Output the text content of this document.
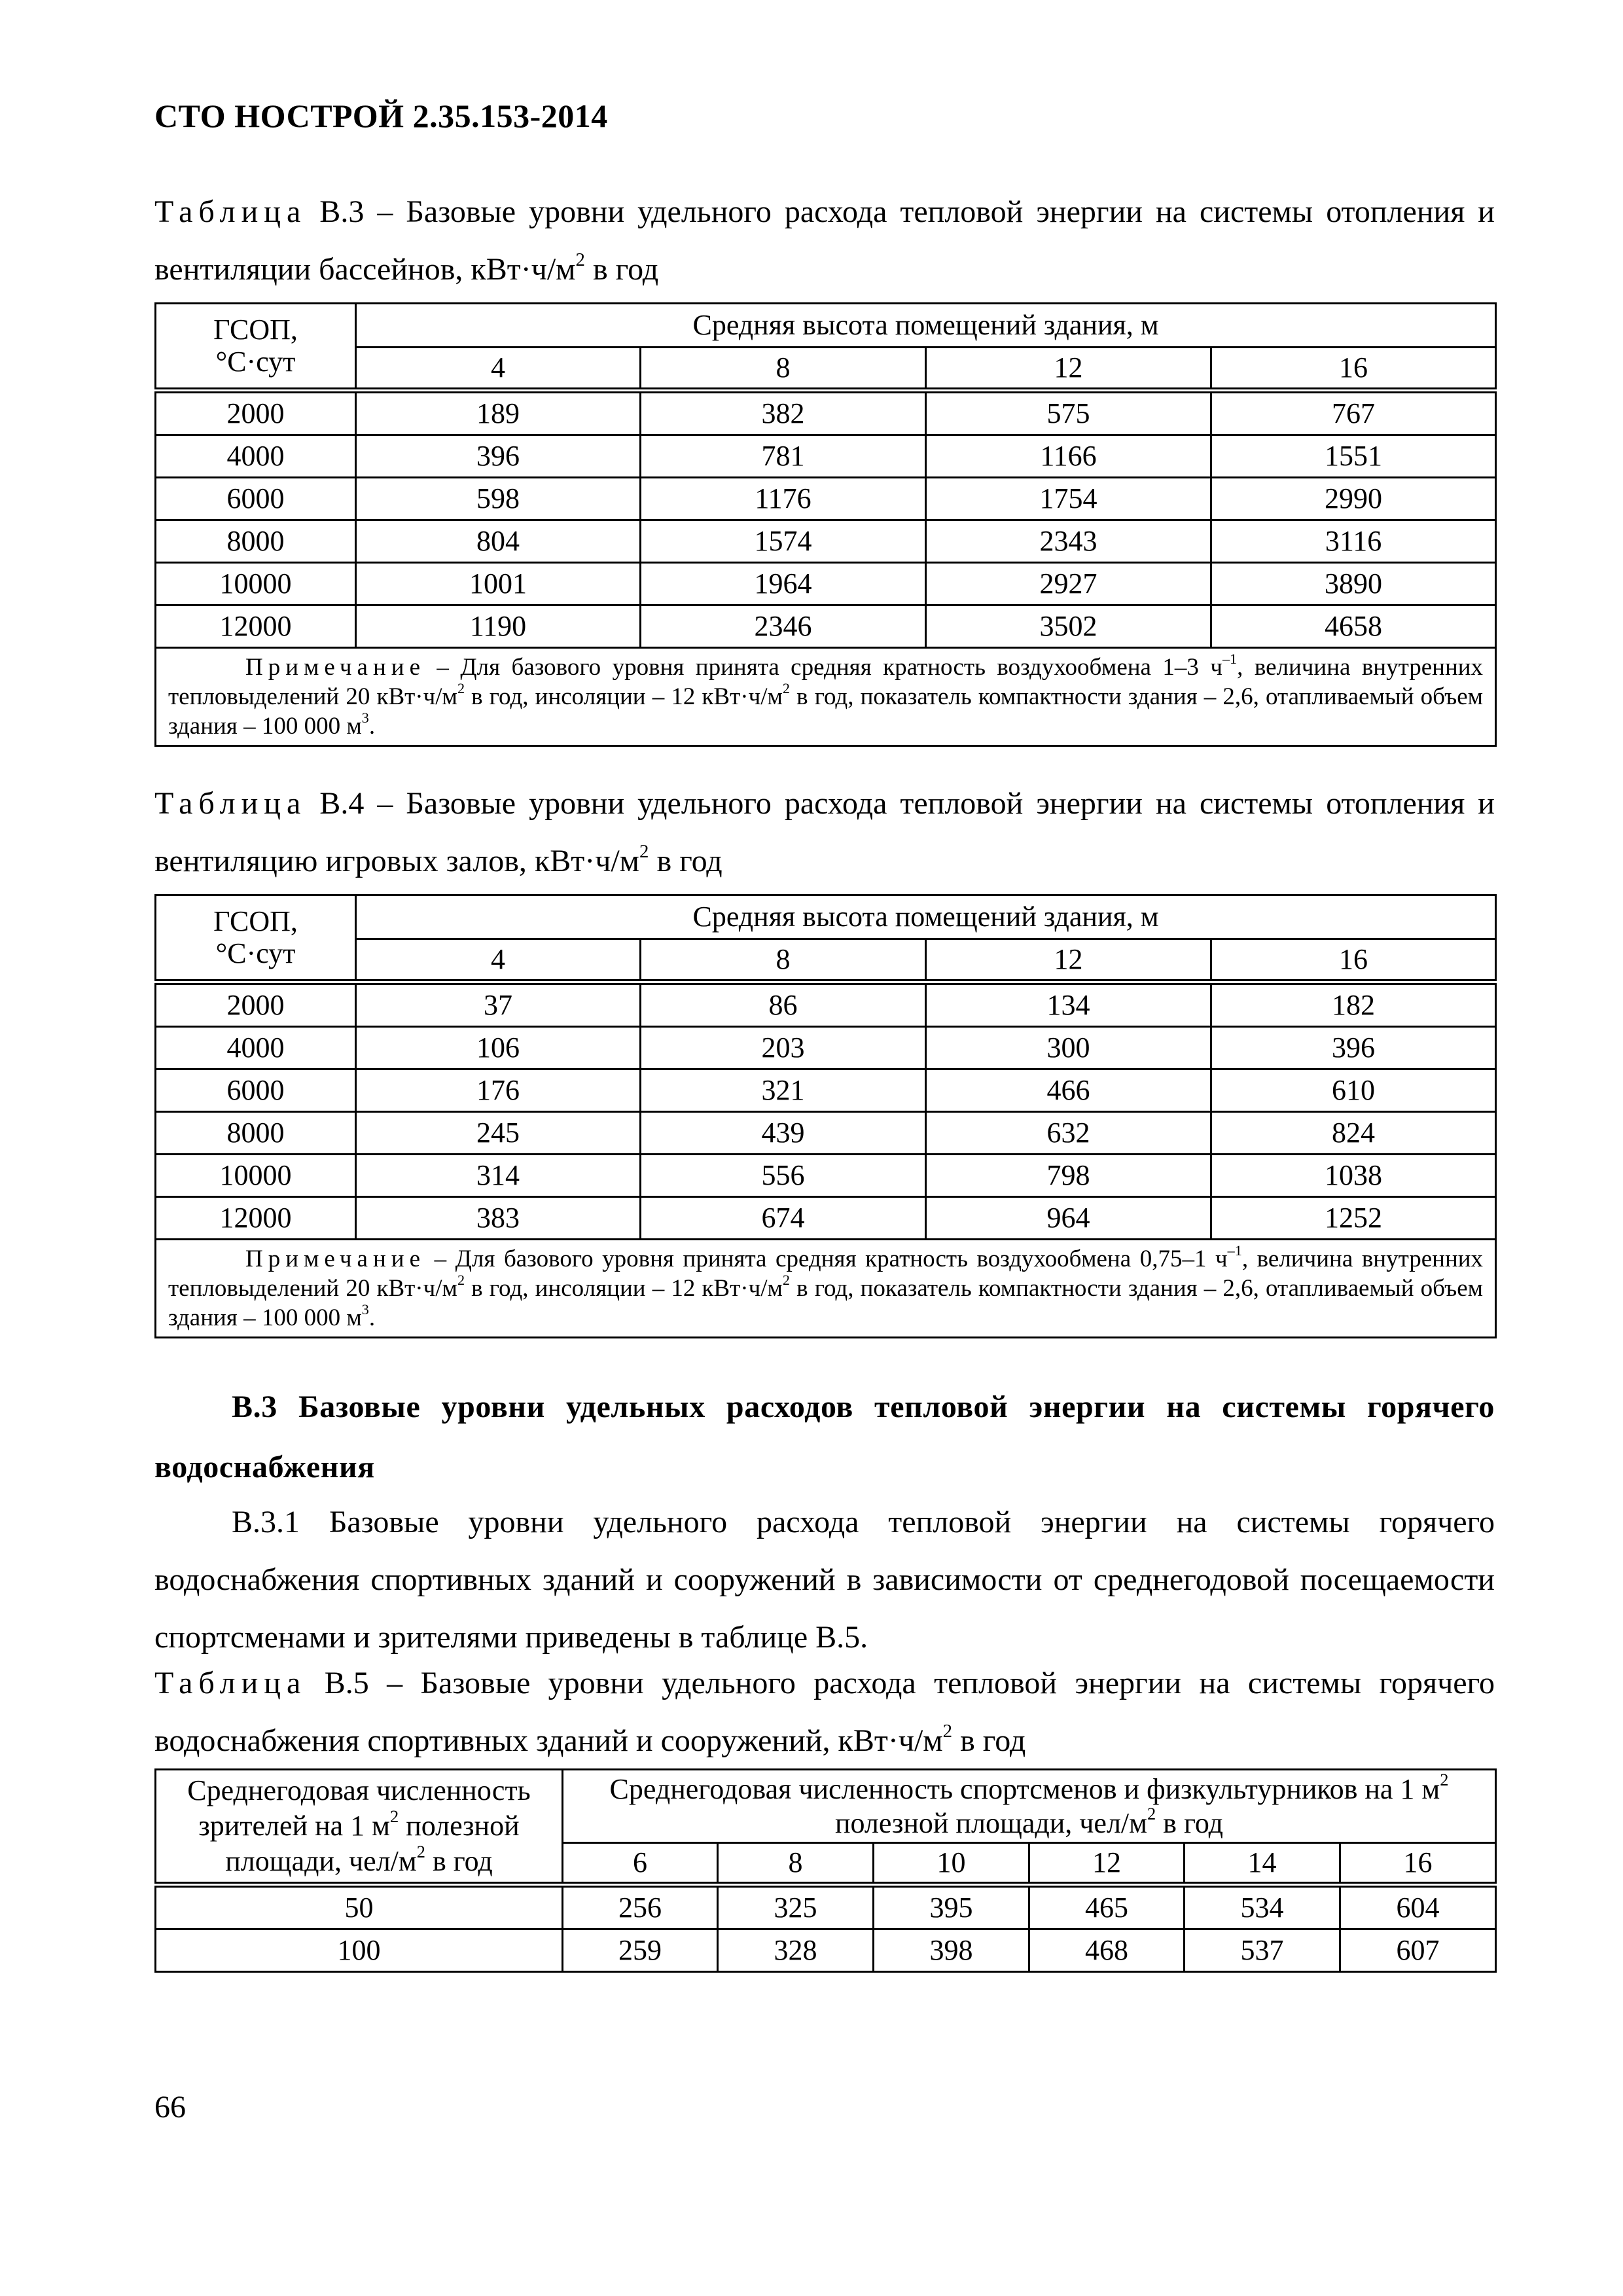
СТО НОСТРОЙ 2.35.153-2014
Таблица В.3 – Базовые уровни удельного расхода тепловой энергии на системы отопления и вентиляции бассейнов, $кВт\cdot ч/м^2$ в год
ГСОП,
°С·сут	Средняя высота помещений здания, м			
	4	8	12	16
2000	189	382	575	767
4000	396	781	1166	1551
6000	598	1176	1754	2990
8000	804	1574	2343	3116
10000	1001	1964	2927	3890
12000	1190	2346	3502	4658
Примечание – Для базового уровня принята средняя кратность воздухообмена 1–3 $ч^{-1}$, величина внутренних тепловыделений 20 $кВт\cdot ч/м^2$ в год, инсоляции – 12 $кВт\cdot ч/м^2$ в год, показатель компактности здания – 2,6, отапливаемый объем здания – 100 000 $м^3$.				
Таблица В.4 – Базовые уровни удельного расхода тепловой энергии на системы отопления и вентиляцию игровых залов, $кВт\cdot ч/м^2$ в год
ГСОП,
°С·сут	Средняя высота помещений здания, м			
	4	8	12	16
2000	37	86	134	182
4000	106	203	300	396
6000	176	321	466	610
8000	245	439	632	824
10000	314	556	798	1038
12000	383	674	964	1252
Примечание – Для базового уровня принята средняя кратность воздухообмена 0,75–1 $ч^{-1}$, величина внутренних тепловыделений 20 $кВт\cdot ч/м^2$ в год, инсоляции – 12 $кВт\cdot ч/м^2$ в год, показатель компактности здания – 2,6, отапливаемый объем здания – 100 000 $м^3$.				
В.3 Базовые уровни удельных расходов тепловой энергии на системы горячего водоснабжения
В.3.1 Базовые уровни удельного расхода тепловой энергии на системы горячего водоснабжения спортивных зданий и сооружений в зависимости от среднегодовой посещаемости спортсменами и зрителями приведены в таблице В.5.
Таблица В.5 – Базовые уровни удельного расхода тепловой энергии на системы горячего водоснабжения спортивных зданий и сооружений, $кВт\cdot ч/м^2$ в год
Среднегодовая численность зрителей на 1 $м^2$ полезной площади, чел/$м^2$ в год	Среднегодовая численность спортсменов и физкультурников на 1 $м^2$ полезной площади, чел/$м^2$ в год					
	6	8	10	12	14	16
50	256	325	395	465	534	604
100	259	328	398	468	537	607
66
